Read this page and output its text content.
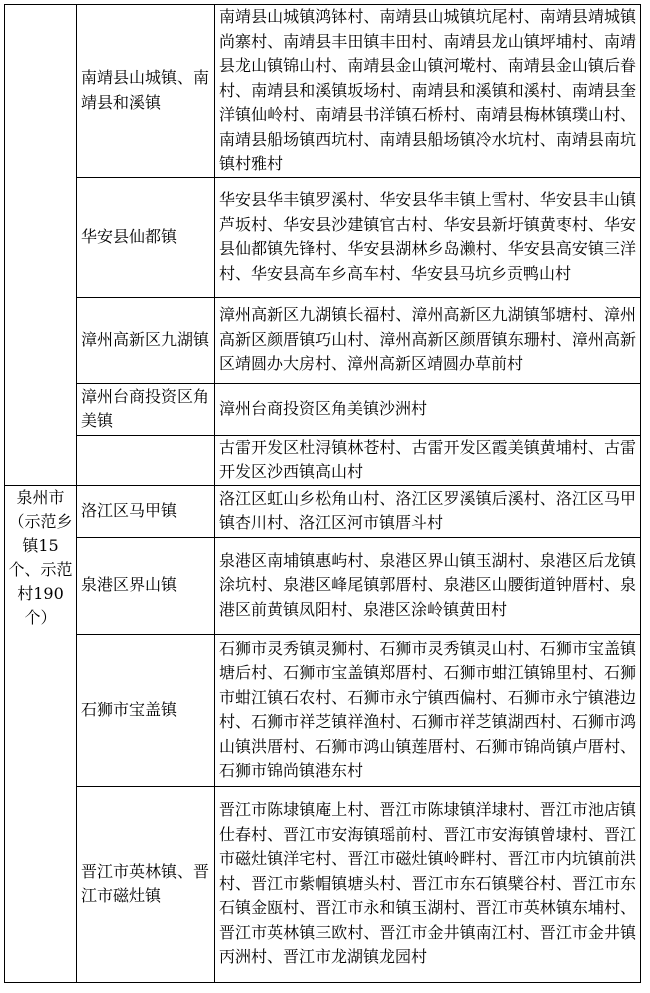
	南靖县山城镇、南靖县和溪镇	南靖县山城镇鸿钵村、南靖县山城镇坑尾村、南靖县靖城镇尚寨村、南靖县丰田镇丰田村、南靖县龙山镇坪埔村、南靖县龙山镇锦山村、南靖县金山镇河墘村、南靖县金山镇后眷村、南靖县和溪镇坂场村、南靖县和溪镇和溪村、南靖县奎洋镇仙岭村、南靖县书洋镇石桥村、南靖县梅林镇璞山村、南靖县船场镇西坑村、南靖县船场镇冷水坑村、南靖县南坑镇村雅村
	华安县仙都镇	华安县华丰镇罗溪村、华安县华丰镇上雪村、华安县丰山镇芦坂村、华安县沙建镇官古村、华安县新圩镇黄枣村、华安县仙都镇先锋村、华安县湖林乡岛濑村、华安县高安镇三洋村、华安县高车乡高车村、华安县马坑乡贡鸭山村
	漳州高新区九湖镇	漳州高新区九湖镇长福村、漳州高新区九湖镇邹塘村、漳州高新区颜厝镇巧山村、漳州高新区颜厝镇东珊村、漳州高新区靖圆办大房村、漳州高新区靖圆办草前村
	漳州台商投资区角美镇	漳州台商投资区角美镇沙洲村
		古雷开发区杜浔镇林苍村、古雷开发区霞美镇黄埔村、古雷开发区沙西镇高山村

泉州市（示范乡镇15个、示范村190个）	洛江区马甲镇	洛江区虹山乡松角山村、洛江区罗溪镇后溪村、洛江区马甲镇杏川村、洛江区河市镇厝斗村
	泉港区界山镇	泉港区南埔镇惠屿村、泉港区界山镇玉湖村、泉港区后龙镇涂坑村、泉港区峰尾镇郭厝村、泉港区山腰街道钟厝村、泉港区前黄镇凤阳村、泉港区涂岭镇黄田村
	石狮市宝盖镇	石狮市灵秀镇灵狮村、石狮市灵秀镇灵山村、石狮市宝盖镇塘后村、石狮市宝盖镇郑厝村、石狮市蚶江镇锦里村、石狮市蚶江镇石农村、石狮市永宁镇西偏村、石狮市永宁镇港边村、石狮市祥芝镇祥渔村、石狮市祥芝镇湖西村、石狮市鸿山镇洪厝村、石狮市鸿山镇莲厝村、石狮市锦尚镇卢厝村、石狮市锦尚镇港东村
	晋江市英林镇、晋江市磁灶镇	晋江市陈埭镇庵上村、晋江市陈埭镇洋埭村、晋江市池店镇仕春村、晋江市安海镇瑶前村、晋江市安海镇曾埭村、晋江市磁灶镇洋宅村、晋江市磁灶镇岭畔村、晋江市内坑镇前洪村、晋江市紫帽镇塘头村、晋江市东石镇檗谷村、晋江市东石镇金瓯村、晋江市永和镇玉湖村、晋江市英林镇东埔村、晋江市英林镇三欧村、晋江市金井镇南江村、晋江市金井镇丙洲村、晋江市龙湖镇龙园村
